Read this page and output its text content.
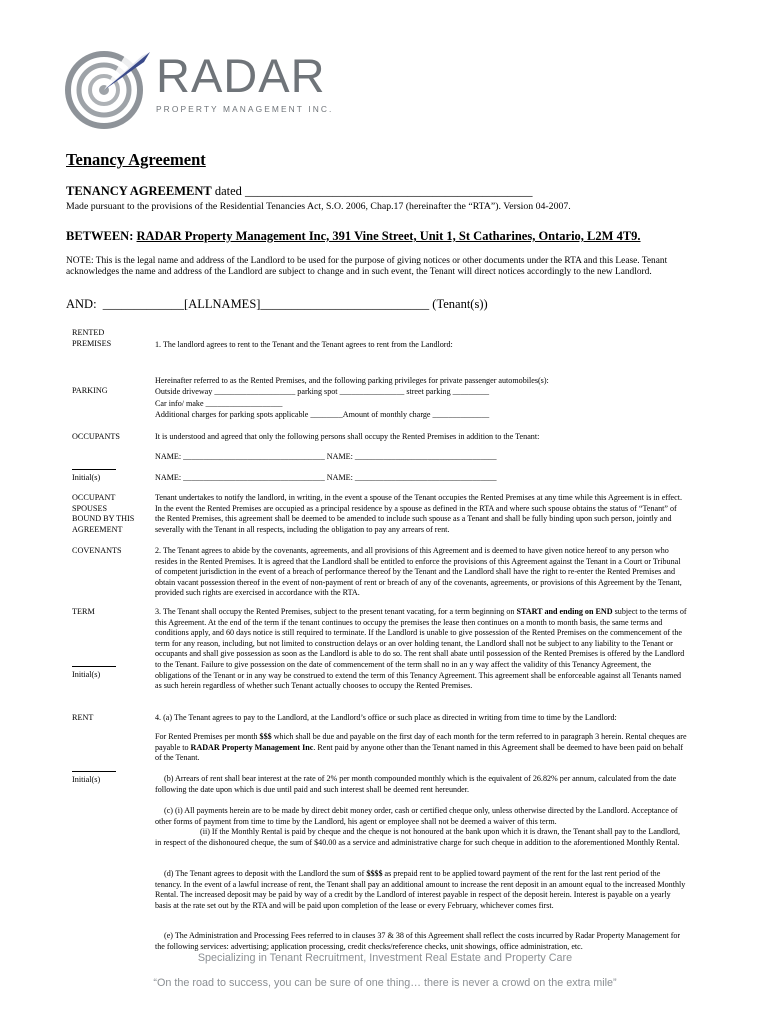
RADAR
PROPERTY MANAGEMENT INC.
Tenancy Agreement
TENANCY AGREEMENT dated ______________________________________________
Made pursuant to the provisions of the Residential Tenancies Act, S.O. 2006, Chap.17 (hereinafter the “RTA”). Version 04-2007.
BETWEEN: RADAR Property Management Inc, 391 Vine Street, Unit 1, St Catharines, Ontario, L2M 4T9.
NOTE: This is the legal name and address of the Landlord to be used for the purpose of giving notices or other documents under the RTA and this Lease. Tenant acknowledges the name and address of the Landlord are subject to change and in such event, the Tenant will direct notices accordingly to the new Landlord.
AND:  _____________[ALLNAMES]___________________________ (Tenant(s))
RENTED
PREMISES
PARKING
OCCUPANTS
Initial(s)
OCCUPANT
SPOUSES
BOUND BY THIS
AGREEMENT
COVENANTS
TERM
Initial(s)
RENT
Initial(s)
1. The landlord agrees to rent to the Tenant and the Tenant agrees to rent from the Landlord:
Hereinafter referred to as the Rented Premises, and the following parking privileges for private passenger automobiles(s):
Outside driveway ____________________ parking spot ________________ street parking _________
Car info/ make ___________________
Additional charges for parking spots applicable ________Amount of monthly charge ______________
It is understood and agreed that only the following persons shall occupy the Rented Premises in addition to the Tenant:
NAME: ___________________________________ NAME: ___________________________________
NAME: ___________________________________ NAME: ___________________________________
Tenant undertakes to notify the landlord, in writing, in the event a spouse of the Tenant occupies the Rented Premises at any time while this Agreement is in effect. In the event the Rented Premises are occupied as a principal residence by a spouse as defined in the RTA and where such spouse obtains the status of “Tenant” of the Rented Premises, this agreement shall be deemed to be amended to include such spouse as a Tenant and shall be fully binding upon such person, jointly and severally with the Tenant in all respects, including the obligation to pay any arrears of rent.
2. The Tenant agrees to abide by the covenants, agreements, and all provisions of this Agreement and is deemed to have given notice hereof to any person who resides in the Rented Premises. It is agreed that the Landlord shall be entitled to enforce the provisions of this Agreement against the Tenant in a Court or Tribunal of competent jurisdiction in the event of a breach of performance thereof by the Tenant and the Landlord shall have the right to re-enter the Rented Premises and obtain vacant possession thereof in the event of non-payment of rent or breach of any of the covenants, agreements, or provisions of this Agreement by the Tenant, provided such rights are exercised in accordance with the RTA.
3. The Tenant shall occupy the Rented Premises, subject to the present tenant vacating, for a term beginning on START and ending on END subject to the terms of this Agreement. At the end of the term if the tenant continues to occupy the premises the lease then continues on a month to month basis, the same terms and conditions apply, and 60 days notice is still required to terminate. If the Landlord is unable to give possession of the Rented Premises on the commencement of the term for any reason, including, but not limited to construction delays or an over holding tenant, the Landlord shall not be subject to any liability to the Tenant or occupants and shall give possession as soon as the Landlord is able to do so. The rent shall abate until possession of the Rented Premises is offered by the Landlord to the Tenant. Failure to give possession on the date of commencement of the term shall no in an y way affect the validity of this Tenancy Agreement, the obligations of the Tenant or in any way be construed to extend the term of this Tenancy Agreement. This agreement shall be enforceable against all Tenants named as such herein regardless of whether such Tenant actually chooses to occupy the Rented Premises.
4. (a) The Tenant agrees to pay to the Landlord, at the Landlord’s office or such place as directed in writing from time to time by the Landlord:
For Rented Premises per month $$$ which shall be due and payable on the first day of each month for the term referred to in paragraph 3 herein. Rental cheques are payable to RADAR Property Management Inc. Rent paid by anyone other than the Tenant named in this Agreement shall be deemed to have been paid on behalf of the Tenant.
(b) Arrears of rent shall bear interest at the rate of 2% per month compounded monthly which is the equivalent of 26.82% per annum, calculated from the date following the date upon which is due until paid and such interest shall be deemed rent hereunder.
(c) (i) All payments herein are to be made by direct debit money order, cash or certified cheque only, unless otherwise directed by the Landlord. Acceptance of other forms of payment from time to time by the Landlord, his agent or employee shall not be deemed a waiver of this term.
(ii) If the Monthly Rental is paid by cheque and the cheque is not honoured at the bank upon which it is drawn, the Tenant shall pay to the Landlord, in respect of the dishonoured cheque, the sum of $40.00 as a service and administrative charge for such cheque in addition to the aforementioned Monthly Rental.
(d) The Tenant agrees to deposit with the Landlord the sum of $$$$ as prepaid rent to be applied toward payment of the rent for the last rent period of the tenancy. In the event of a lawful increase of rent, the Tenant shall pay an additional amount to increase the rent deposit in an amount equal to the increased Monthly Rental. The increased deposit may be paid by way of a credit by the Landlord of interest payable in respect of the deposit herein. Interest is payable on a yearly basis at the rate set out by the RTA and will be paid upon completion of the lease or every February, whichever comes first.
(e) The Administration and Processing Fees referred to in clauses 37 & 38 of this Agreement shall reflect the costs incurred by Radar Property Management for the following services: advertising; application processing, credit checks/reference checks, unit showings, office administration, etc.
Specializing in Tenant Recruitment, Investment Real Estate and Property Care
“On the road to success, you can be sure of one thing… there is never a crowd on the extra mile”
